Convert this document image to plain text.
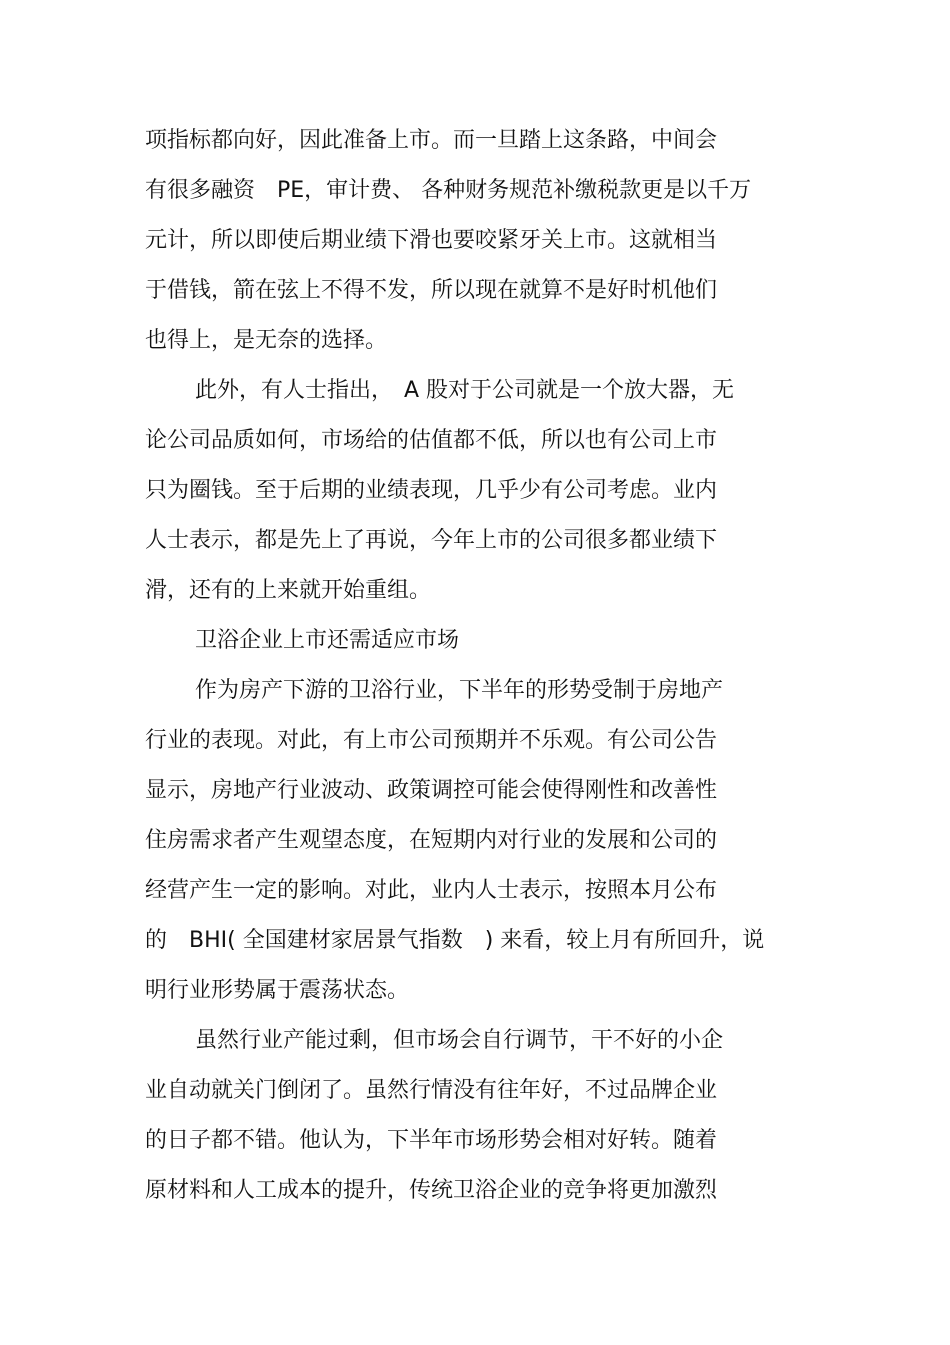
项指标都向好，因此准备上市。而一旦踏上这条路，中间会

有很多融资　PE，审计费、 各种财务规范补缴税款更是以千万

元计，所以即使后期业绩下滑也要咬紧牙关上市。这就相当

于借钱，箭在弦上不得不发，所以现在就算不是好时机他们

也得上，是无奈的选择。

此外，有人士指出，　A 股对于公司就是一个放大器，无

论公司品质如何，市场给的估值都不低，所以也有公司上市

只为圈钱。至于后期的业绩表现，几乎少有公司考虑。业内

人士表示，都是先上了再说，今年上市的公司很多都业绩下

滑，还有的上来就开始重组。

卫浴企业上市还需适应市场

作为房产下游的卫浴行业，下半年的形势受制于房地产

行业的表现。对此，有上市公司预期并不乐观。有公司公告

显示，房地产行业波动、政策调控可能会使得刚性和改善性

住房需求者产生观望态度，在短期内对行业的发展和公司的

经营产生一定的影响。对此，业内人士表示，按照本月公布

的　BHI( 全国建材家居景气指数　) 来看，较上月有所回升，说

明行业形势属于震荡状态。

虽然行业产能过剩，但市场会自行调节，干不好的小企

业自动就关门倒闭了。虽然行情没有往年好，不过品牌企业

的日子都不错。他认为，下半年市场形势会相对好转。随着

原材料和人工成本的提升，传统卫浴企业的竞争将更加激烈
